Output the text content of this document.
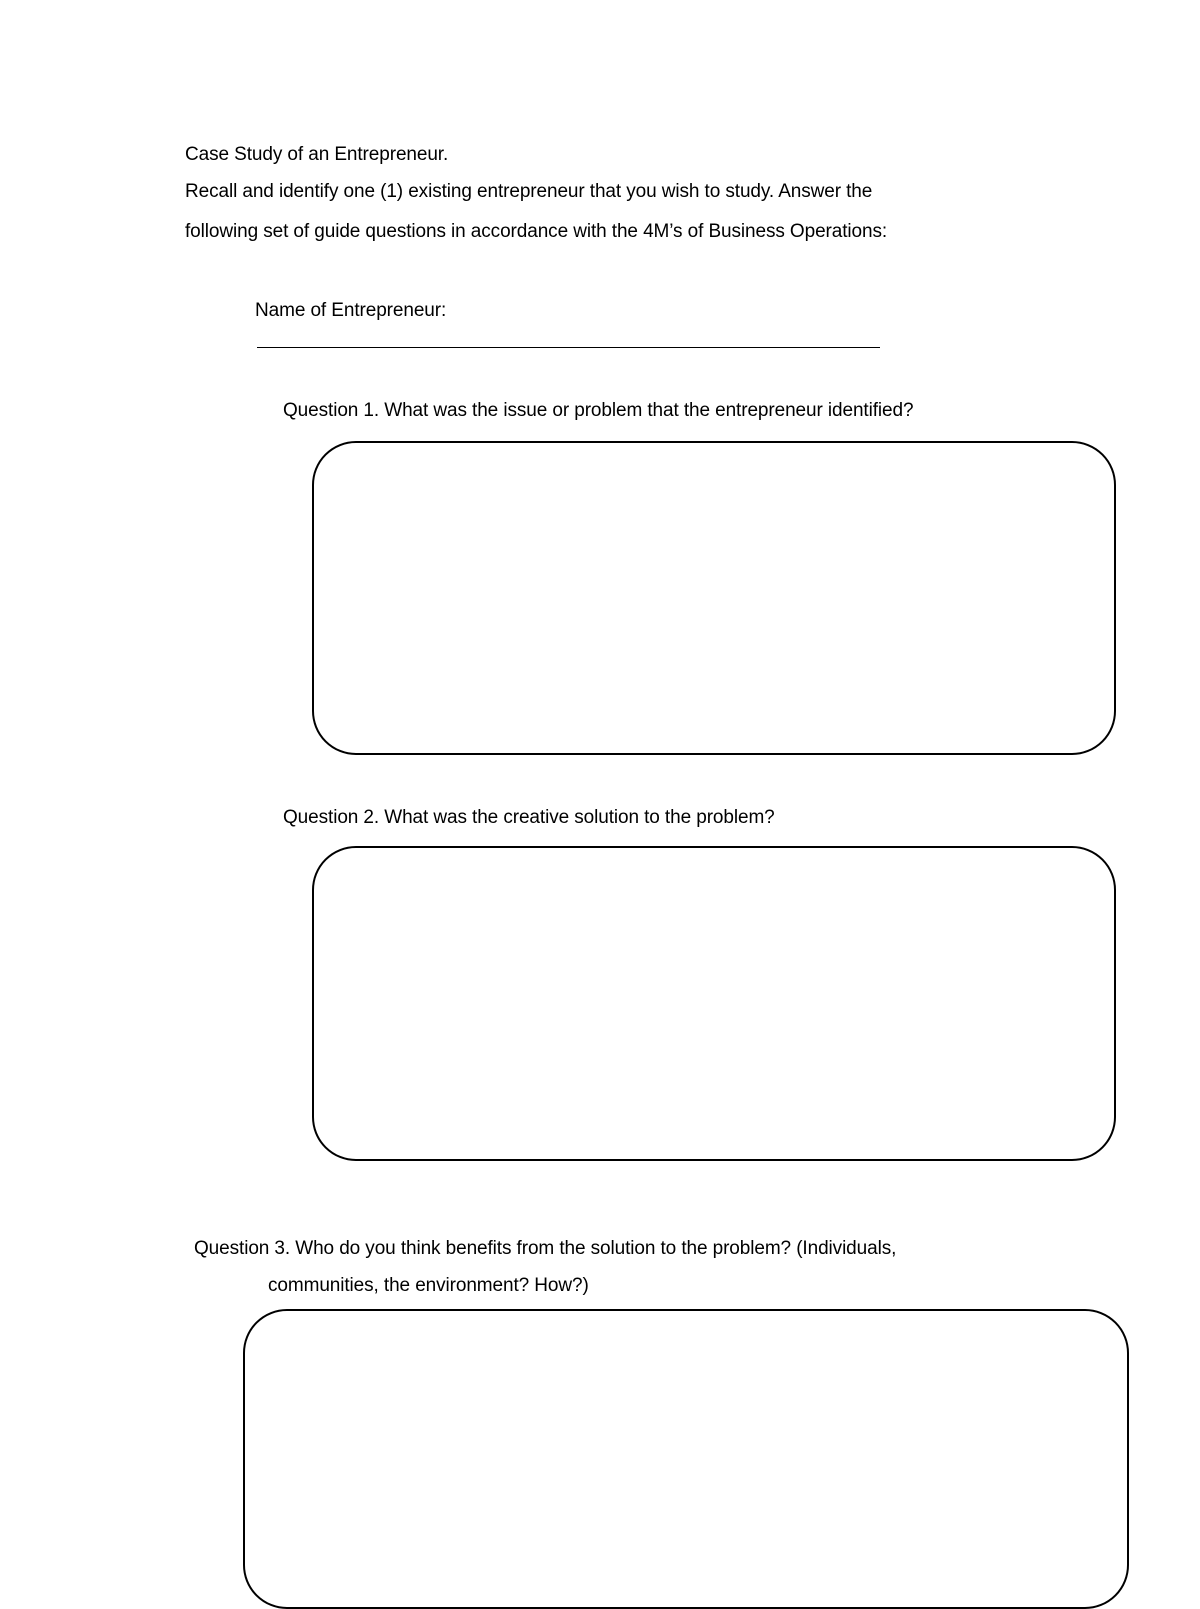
Case Study of an Entrepreneur.
Recall and identify one (1) existing entrepreneur that you wish to study. Answer the
following set of guide questions in accordance with the 4M’s of Business Operations:
Name of Entrepreneur:
Question 1. What was the issue or problem that the entrepreneur identified?
Question 2. What was the creative solution to the problem?
Question 3. Who do you think benefits from the solution to the problem? (Individuals,
communities, the environment? How?)
